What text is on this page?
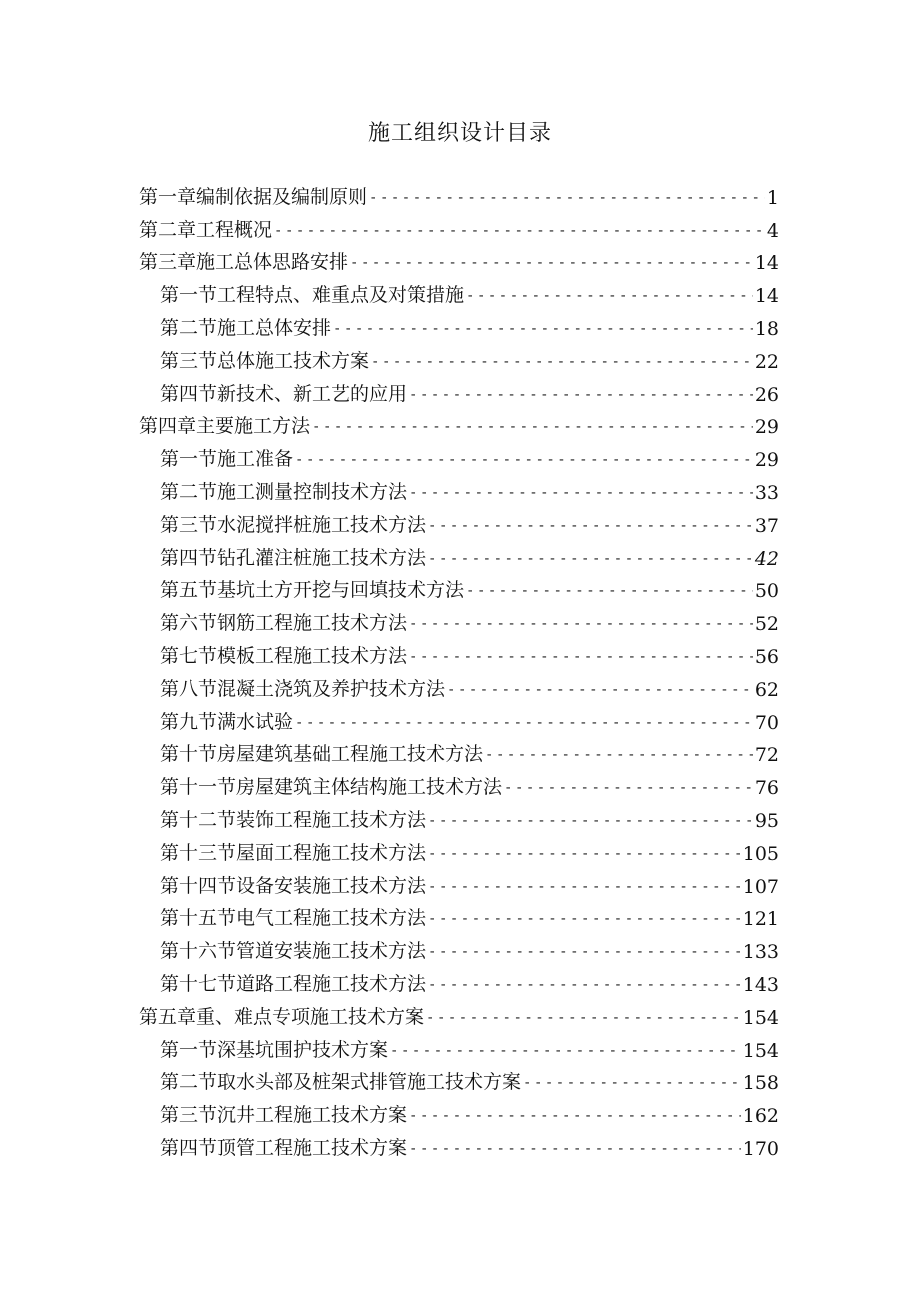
施工组织设计目录
第一章编制依据及编制原则 -----	1
第二章工程概况 -----	4
第三章施工总体思路安排 -----	14
第一节工程特点、难重点及对策措施 -----	14
第二节施工总体安排 -----	18
第三节总体施工技术方案 -----	22
第四节新技术、新工艺的应用 -----	26
第四章主要施工方法 -----	29
第一节施工准备 -----	29
第二节施工测量控制技术方法 -----	33
第三节水泥搅拌桩施工技术方法 -----	37
第四节钻孔灌注桩施工技术方法 -----	42
第五节基坑土方开挖与回填技术方法 -----	50
第六节钢筋工程施工技术方法 -----	52
第七节模板工程施工技术方法 -----	56
第八节混凝土浇筑及养护技术方法 -----	62
第九节满水试验 -----	70
第十节房屋建筑基础工程施工技术方法 -----	72
第十一节房屋建筑主体结构施工技术方法 -----	76
第十二节装饰工程施工技术方法 -----	95
第十三节屋面工程施工技术方法 -----	105
第十四节设备安装施工技术方法 -----	107
第十五节电气工程施工技术方法 -----	121
第十六节管道安装施工技术方法 -----	133
第十七节道路工程施工技术方法 -----	143
第五章重、难点专项施工技术方案 -----	154
第一节深基坑围护技术方案 -----	154
第二节取水头部及桩架式排管施工技术方案 -----	158
第三节沉井工程施工技术方案 -----	162
第四节顶管工程施工技术方案 -----	170
